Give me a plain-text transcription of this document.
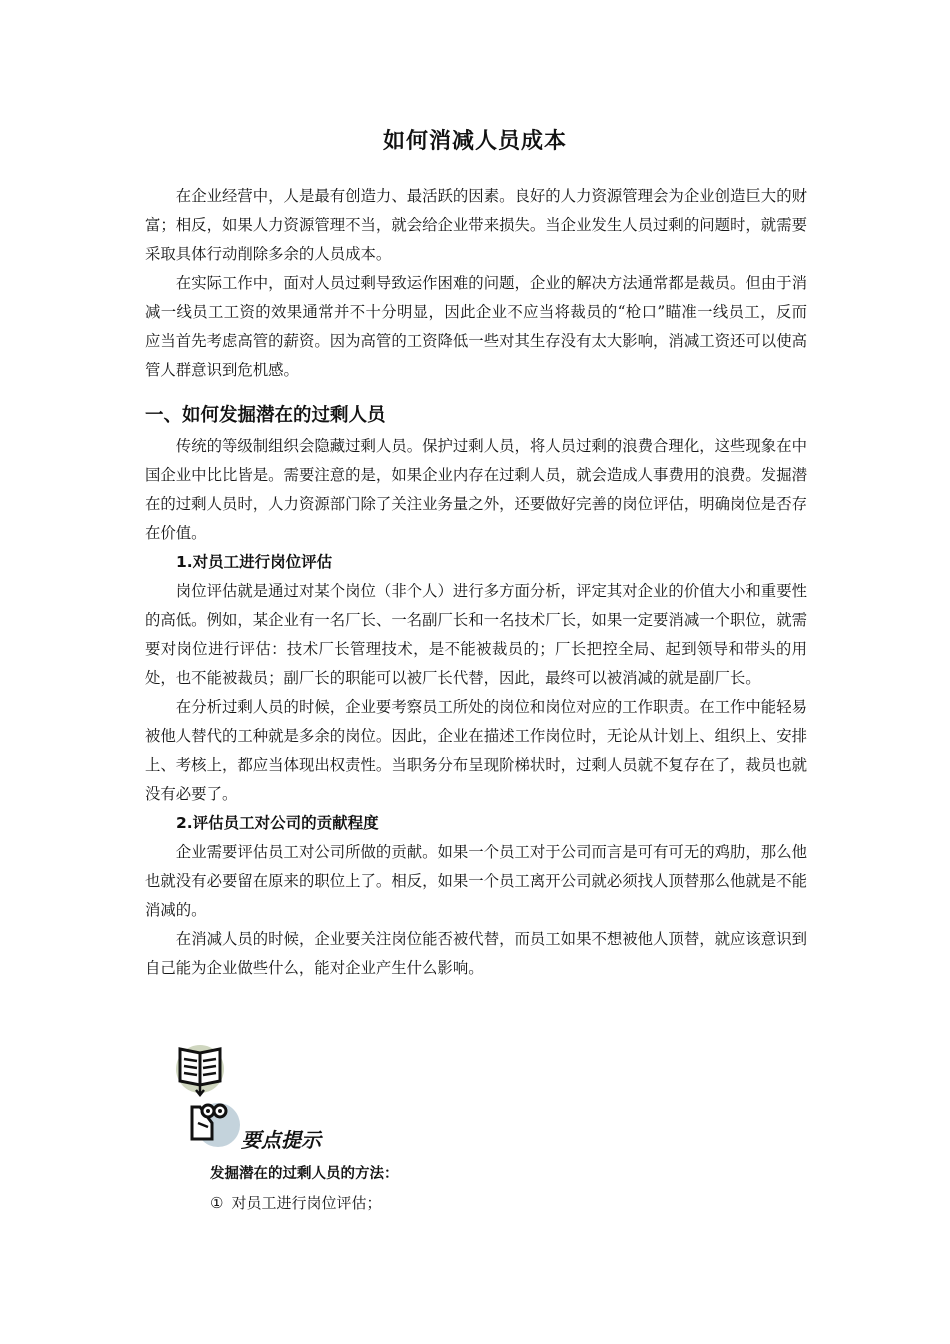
如何消减人员成本

在企业经营中，人是最有创造力、最活跃的因素。良好的人力资源管理会为企业创造巨大的财富；相反，如果人力资源管理不当，就会给企业带来损失。当企业发生人员过剩的问题时，就需要采取具体行动削除多余的人员成本。

在实际工作中，面对人员过剩导致运作困难的问题，企业的解决方法通常都是裁员。但由于消减一线员工工资的效果通常并不十分明显，因此企业不应当将裁员的“枪口”瞄准一线员工，反而应当首先考虑高管的薪资。因为高管的工资降低一些对其生存没有太大影响，消减工资还可以使高管人群意识到危机感。

一、如何发掘潜在的过剩人员

传统的等级制组织会隐藏过剩人员。保护过剩人员，将人员过剩的浪费合理化，这些现象在中国企业中比比皆是。需要注意的是，如果企业内存在过剩人员，就会造成人事费用的浪费。发掘潜在的过剩人员时，人力资源部门除了关注业务量之外，还要做好完善的岗位评估，明确岗位是否存在价值。

1.对员工进行岗位评估

岗位评估就是通过对某个岗位（非个人）进行多方面分析，评定其对企业的价值大小和重要性的高低。例如，某企业有一名厂长、一名副厂长和一名技术厂长，如果一定要消减一个职位，就需要对岗位进行评估：技术厂长管理技术，是不能被裁员的；厂长把控全局、起到领导和带头的用处，也不能被裁员；副厂长的职能可以被厂长代替，因此，最终可以被消减的就是副厂长。

在分析过剩人员的时候，企业要考察员工所处的岗位和岗位对应的工作职责。在工作中能轻易被他人替代的工种就是多余的岗位。因此，企业在描述工作岗位时，无论从计划上、组织上、安排上、考核上，都应当体现出权责性。当职务分布呈现阶梯状时，过剩人员就不复存在了，裁员也就没有必要了。

2.评估员工对公司的贡献程度

企业需要评估员工对公司所做的贡献。如果一个员工对于公司而言是可有可无的鸡肋，那么他也就没有必要留在原来的职位上了。相反，如果一个员工离开公司就必须找人顶替那么他就是不能消减的。

在消减人员的时候，企业要关注岗位能否被代替，而员工如果不想被他人顶替，就应该意识到自己能为企业做些什么，能对企业产生什么影响。

要点提示
发掘潜在的过剩人员的方法：
① 对员工进行岗位评估；
